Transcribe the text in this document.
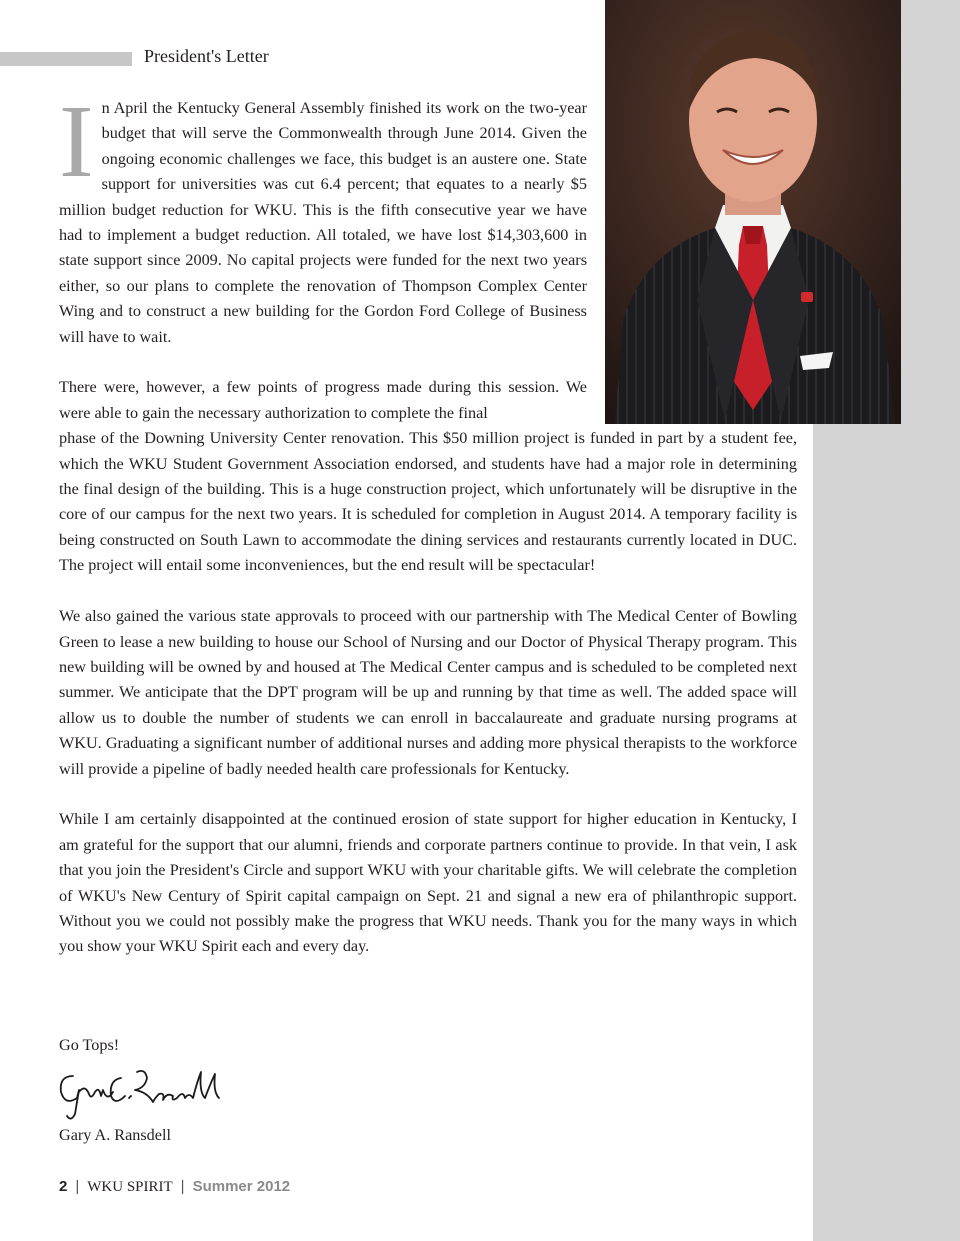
President's Letter

In April the Kentucky General Assembly finished its work on the two-year budget that will serve the Commonwealth through June 2014. Given the ongoing economic challenges we face, this budget is an austere one. State support for universities was cut 6.4 percent; that equates to a nearly $5 million budget reduction for WKU. This is the fifth consecutive year we have had to implement a budget reduction. All totaled, we have lost $14,303,600 in state support since 2009. No capital projects were funded for the next two years either, so our plans to complete the renovation of Thompson Complex Center Wing and to construct a new building for the Gordon Ford College of Business will have to wait.

There were, however, a few points of progress made during this session. We were able to gain the necessary authorization to complete the final
phase of the Downing University Center renovation. This $50 million project is funded in part by a student fee, which the WKU Student Government Association endorsed, and students have had a major role in determining the final design of the building. This is a huge construction project, which unfortunately will be disruptive in the core of our campus for the next two years. It is scheduled for completion in August 2014. A temporary facility is being constructed on South Lawn to accommodate the dining services and restaurants currently located in DUC. The project will entail some inconveniences, but the end result will be spectacular!

We also gained the various state approvals to proceed with our partnership with The Medical Center of Bowling Green to lease a new building to house our School of Nursing and our Doctor of Physical Therapy program. This new building will be owned by and housed at The Medical Center campus and is scheduled to be completed next summer. We anticipate that the DPT program will be up and running by that time as well. The added space will allow us to double the number of students we can enroll in baccalaureate and graduate nursing programs at WKU. Graduating a significant number of additional nurses and adding more physical therapists to the workforce will provide a pipeline of badly needed health care professionals for Kentucky.

While I am certainly disappointed at the continued erosion of state support for higher education in Kentucky, I am grateful for the support that our alumni, friends and corporate partners continue to provide. In that vein, I ask that you join the President's Circle and support WKU with your charitable gifts. We will celebrate the completion of WKU's New Century of Spirit capital campaign on Sept. 21 and signal a new era of philanthropic support. Without you we could not possibly make the progress that WKU needs. Thank you for the many ways in which you show your WKU Spirit each and every day.

Go Tops!
Gary A. Ransdell
2 | WKU SPIRIT | Summer 2012
